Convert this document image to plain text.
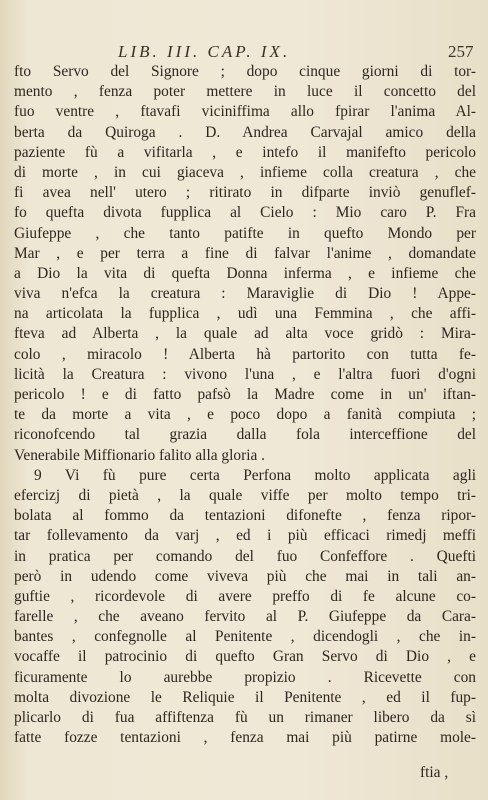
LIB. III. CAP. IX.	257
fto Servo del Signore ; dopo cinque giorni di tor-
mento , fenza poter mettere in luce il concetto del
fuo ventre , ftavafi viciniffima allo fpirar l'anima Al-
berta da Quiroga . D. Andrea Carvajal amico della
paziente fù a vifitarla , e intefo il manifefto pericolo
di morte , in cui giaceva , infieme colla creatura , che
fi avea nell' utero ; ritirato in difparte inviò genuflef-
fo quefta divota fupplica al Cielo : Mio caro P. Fra
Giufeppe , che tanto patifte in quefto Mondo per
Mar , e per terra a fine di falvar l'anime , domandate
a Dio la vita di quefta Donna inferma , e infieme che
viva n'efca la creatura : Maraviglie di Dio ! Appe-
na articolata la fupplica , udì una Femmina , che affi-
fteva ad Alberta , la quale ad alta voce gridò : Mira-
colo , miracolo ! Alberta hà partorito con tutta fe-
licità la Creatura : vivono l'una , e l'altra fuori d'ogni
pericolo ! e di fatto pafsò la Madre come in un' iftan-
te da morte a vita , e poco dopo a fanità compiuta ;
riconofcendo tal grazia dalla fola interceffione del
Venerabile Miffionario falito alla gloria .
9 Vi fù pure certa Perfona molto applicata agli
efercizj di pietà , la quale viffe per molto tempo tri-
bolata al fommo da tentazioni difonefte , fenza ripor-
tar follevamento da varj , ed i più efficaci rimedj meffi
in pratica per comando del fuo Confeffore . Quefti
però in udendo come viveva più che mai in tali an-
guftie , ricordevole di avere preffo di fe alcune co-
farelle , che aveano fervito al P. Giufeppe da Cara-
bantes , confegnolle al Penitente , dicendogli , che in-
vocaffe il patrocinio di quefto Gran Servo di Dio , e
ficuramente lo aurebbe propizio . Ricevette con
molta divozione le Reliquie il Penitente , ed il fup-
plicarlo di fua affiftenza fù un rimaner libero da sì
fatte fozze tentazioni , fenza mai più patirne mole-
ftia ,
